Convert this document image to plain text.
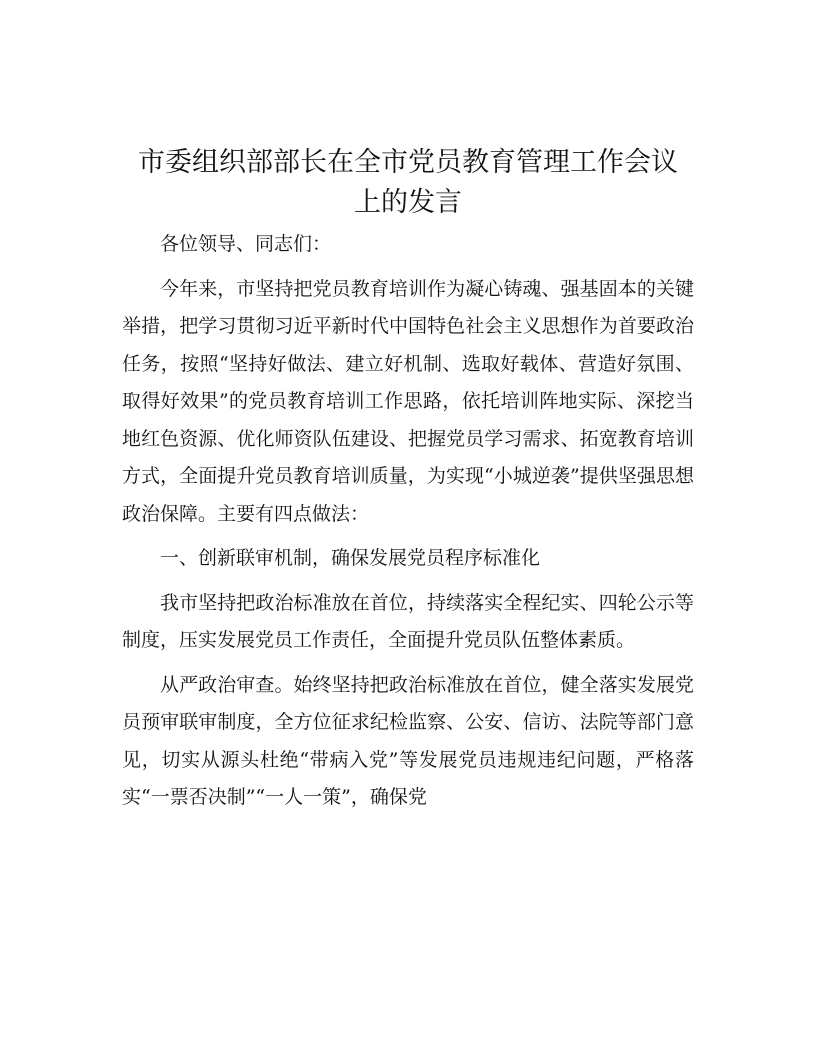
市委组织部部长在全市党员教育管理工作会议
上的发言

各位领导、同志们：

今年来，市坚持把党员教育培训作为凝心铸魂、强基固本的关键举措，把学习贯彻习近平新时代中国特色社会主义思想作为首要政治任务，按照“坚持好做法、建立好机制、选取好载体、营造好氛围、取得好效果”的党员教育培训工作思路，依托培训阵地实际、深挖当地红色资源、优化师资队伍建设、把握党员学习需求、拓宽教育培训方式，全面提升党员教育培训质量，为实现“小城逆袭”提供坚强思想政治保障。主要有四点做法：

一、创新联审机制，确保发展党员程序标准化

我市坚持把政治标准放在首位，持续落实全程纪实、四轮公示等制度，压实发展党员工作责任，全面提升党员队伍整体素质。

从严政治审查。始终坚持把政治标准放在首位，健全落实发展党员预审联审制度，全方位征求纪检监察、公安、信访、法院等部门意见，切实从源头杜绝“带病入党”等发展党员违规违纪问题，严格落实“一票否决制”“一人一策”，确保党
